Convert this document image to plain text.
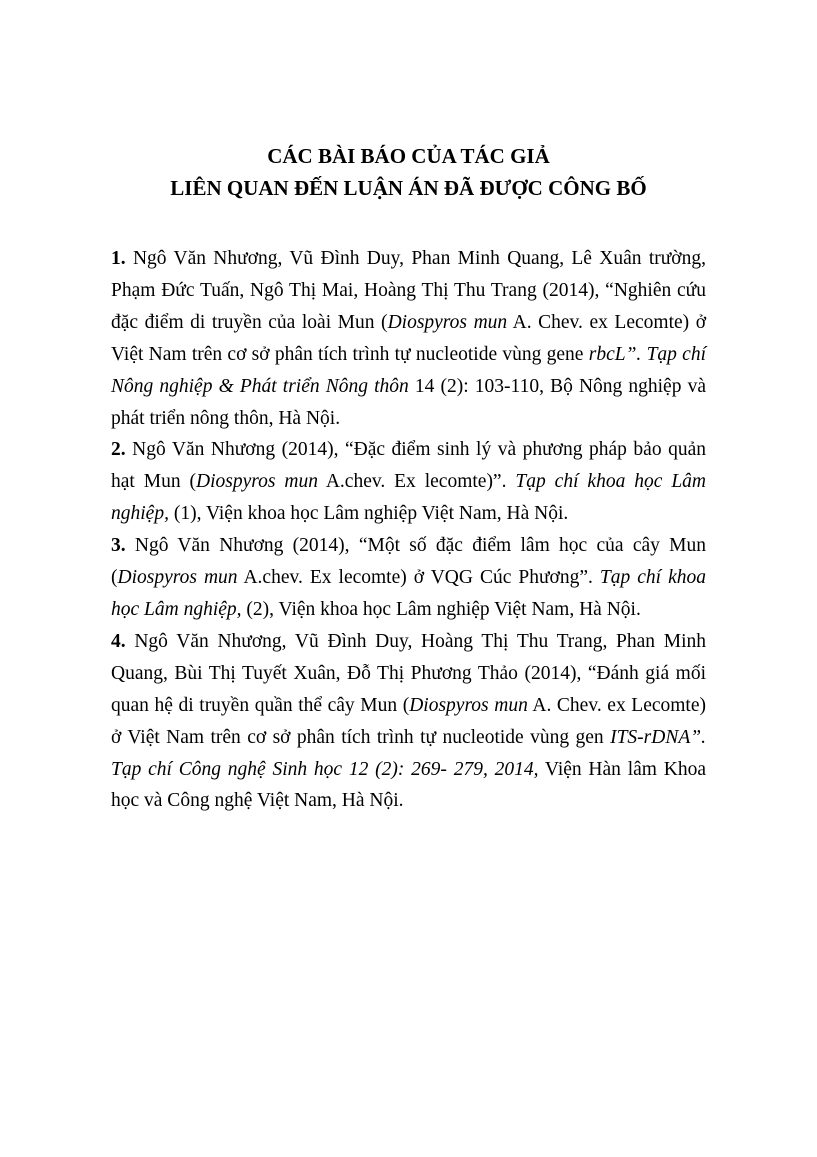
CÁC BÀI BÁO CỦA TÁC GIẢ
LIÊN QUAN ĐẾN LUẬN ÁN ĐÃ ĐƯỢC CÔNG BỐ

1. Ngô Văn Nhương, Vũ Đình Duy, Phan Minh Quang, Lê Xuân trường, Phạm Đức Tuấn, Ngô Thị Mai, Hoàng Thị Thu Trang (2014), “Nghiên cứu đặc điểm di truyền của loài Mun (Diospyros mun A. Chev. ex Lecomte) ở Việt Nam trên cơ sở phân tích trình tự nucleotide vùng gene rbcL”. Tạp chí Nông nghiệp & Phát triển Nông thôn 14 (2): 103-110, Bộ Nông nghiệp và phát triển nông thôn, Hà Nội.

2. Ngô Văn Nhương (2014), “Đặc điểm sinh lý và phương pháp bảo quản hạt Mun (Diospyros mun A.chev. Ex lecomte)”. Tạp chí khoa học Lâm nghiệp, (1), Viện khoa học Lâm nghiệp Việt Nam, Hà Nội.

3. Ngô Văn Nhương (2014), “Một số đặc điểm lâm học của cây Mun (Diospyros mun A.chev. Ex lecomte) ở VQG Cúc Phương”. Tạp chí khoa học Lâm nghiệp, (2), Viện khoa học Lâm nghiệp Việt Nam, Hà Nội.

4. Ngô Văn Nhương, Vũ Đình Duy, Hoàng Thị Thu Trang, Phan Minh Quang, Bùi Thị Tuyết Xuân, Đỗ Thị Phương Thảo (2014), “Đánh giá mối quan hệ di truyền quần thể cây Mun (Diospyros mun A. Chev. ex Lecomte) ở Việt Nam trên cơ sở phân tích trình tự nucleotide vùng gen ITS-rDNA”. Tạp chí Công nghệ Sinh học 12 (2): 269- 279, 2014, Viện Hàn lâm Khoa học và Công nghệ Việt Nam, Hà Nội.
